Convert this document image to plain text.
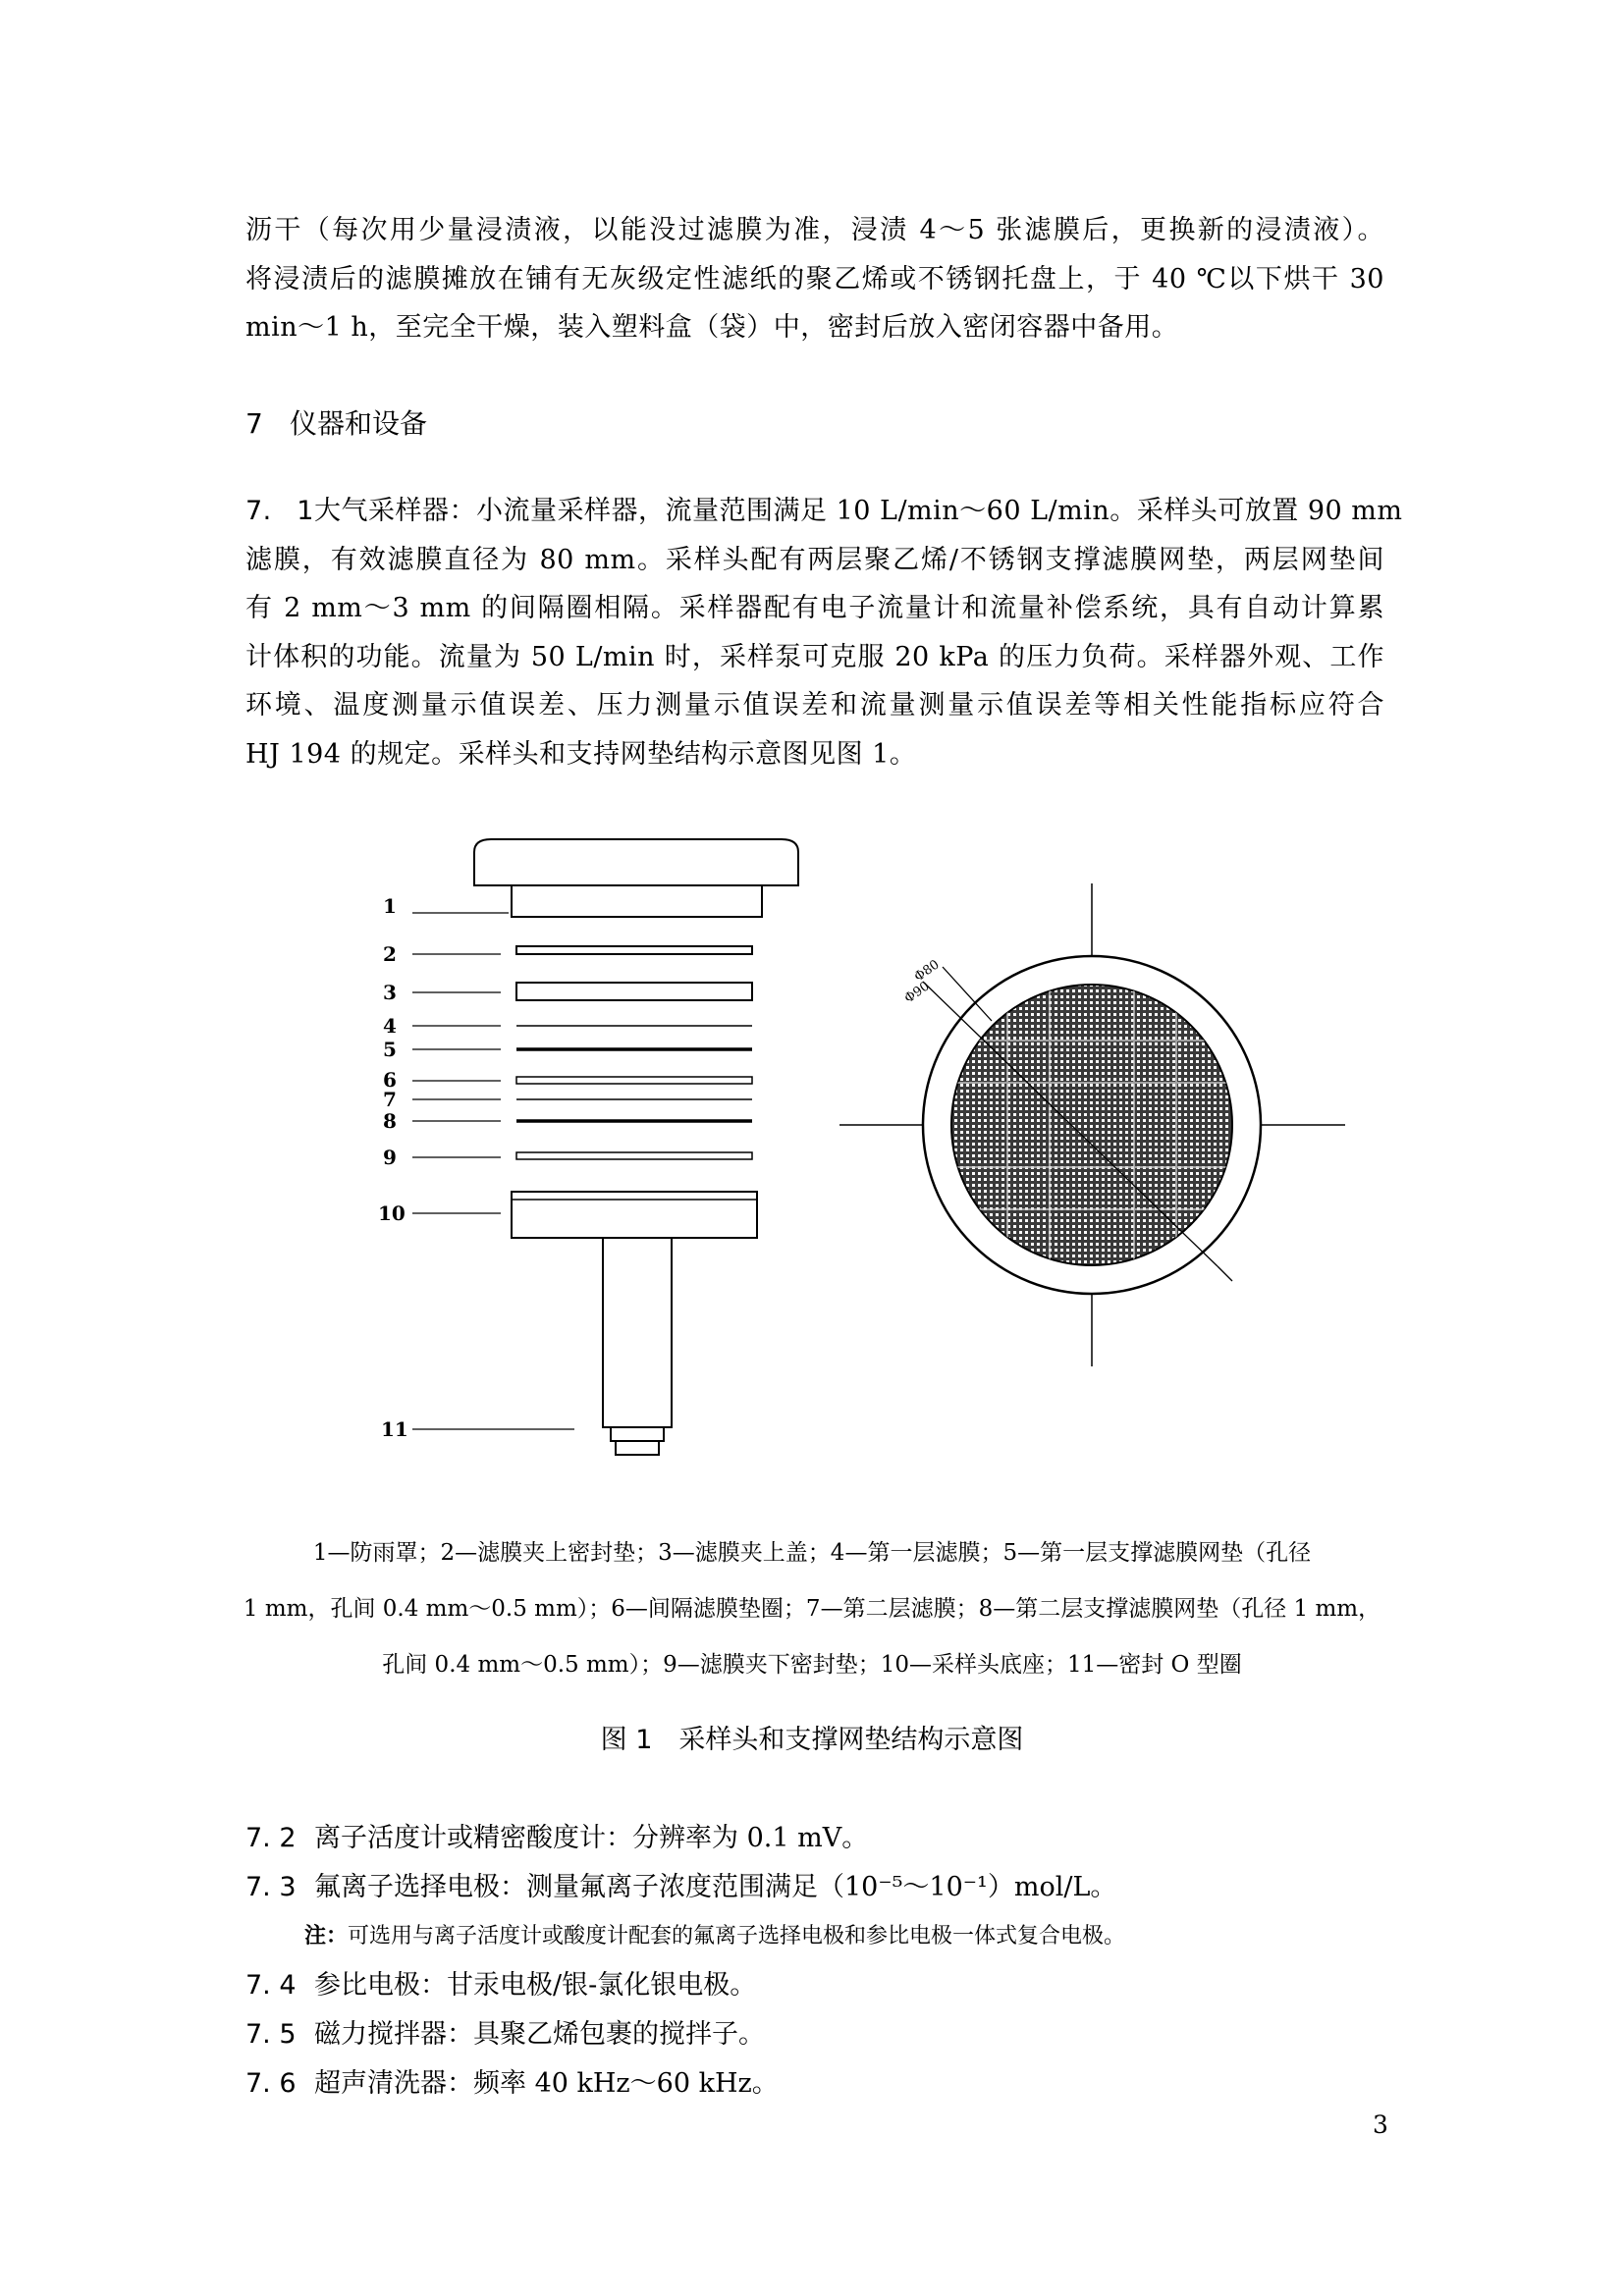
沥干（每次用少量浸渍液，以能没过滤膜为准，浸渍 4～5 张滤膜后，更换新的浸渍液）。
将浸渍后的滤膜摊放在铺有无灰级定性滤纸的聚乙烯或不锈钢托盘上，于 40 ℃以下烘干 30
min～1 h，至完全干燥，装入塑料盒（袋）中，密封后放入密闭容器中备用。
7 仪器和设备
7. 1大气采样器：小流量采样器，流量范围满足 10 L/min～60 L/min。采样头可放置 90 mm
滤膜，有效滤膜直径为 80 mm。采样头配有两层聚乙烯/不锈钢支撑滤膜网垫，两层网垫间
有 2 mm～3 mm 的间隔圈相隔。采样器配有电子流量计和流量补偿系统，具有自动计算累
计体积的功能。流量为 50 L/min 时，采样泵可克服 20 kPa 的压力负荷。采样器外观、工作
环境、温度测量示值误差、压力测量示值误差和流量测量示值误差等相关性能指标应符合
HJ 194 的规定。采样头和支持网垫结构示意图见图 1。
1
2
3
4
5
6
7
8
9
10
11
Φ80
Φ90
1—防雨罩；2—滤膜夹上密封垫；3—滤膜夹上盖；4—第一层滤膜；5—第一层支撑滤膜网垫（孔径
1 mm，孔间 0.4 mm～0.5 mm）；6—间隔滤膜垫圈；7—第二层滤膜；8—第二层支撑滤膜网垫（孔径 1 mm，
孔间 0.4 mm～0.5 mm）；9—滤膜夹下密封垫；10—采样头底座；11—密封 O 型圈
图 1　采样头和支撑网垫结构示意图
7. 2 离子活度计或精密酸度计：分辨率为 0.1 mV。
7. 3 氟离子选择电极：测量氟离子浓度范围满足（10⁻⁵～10⁻¹）mol/L。
注：可选用与离子活度计或酸度计配套的氟离子选择电极和参比电极一体式复合电极。
7. 4 参比电极：甘汞电极/银-氯化银电极。
7. 5 磁力搅拌器：具聚乙烯包裹的搅拌子。
7. 6 超声清洗器：频率 40 kHz～60 kHz。
3
